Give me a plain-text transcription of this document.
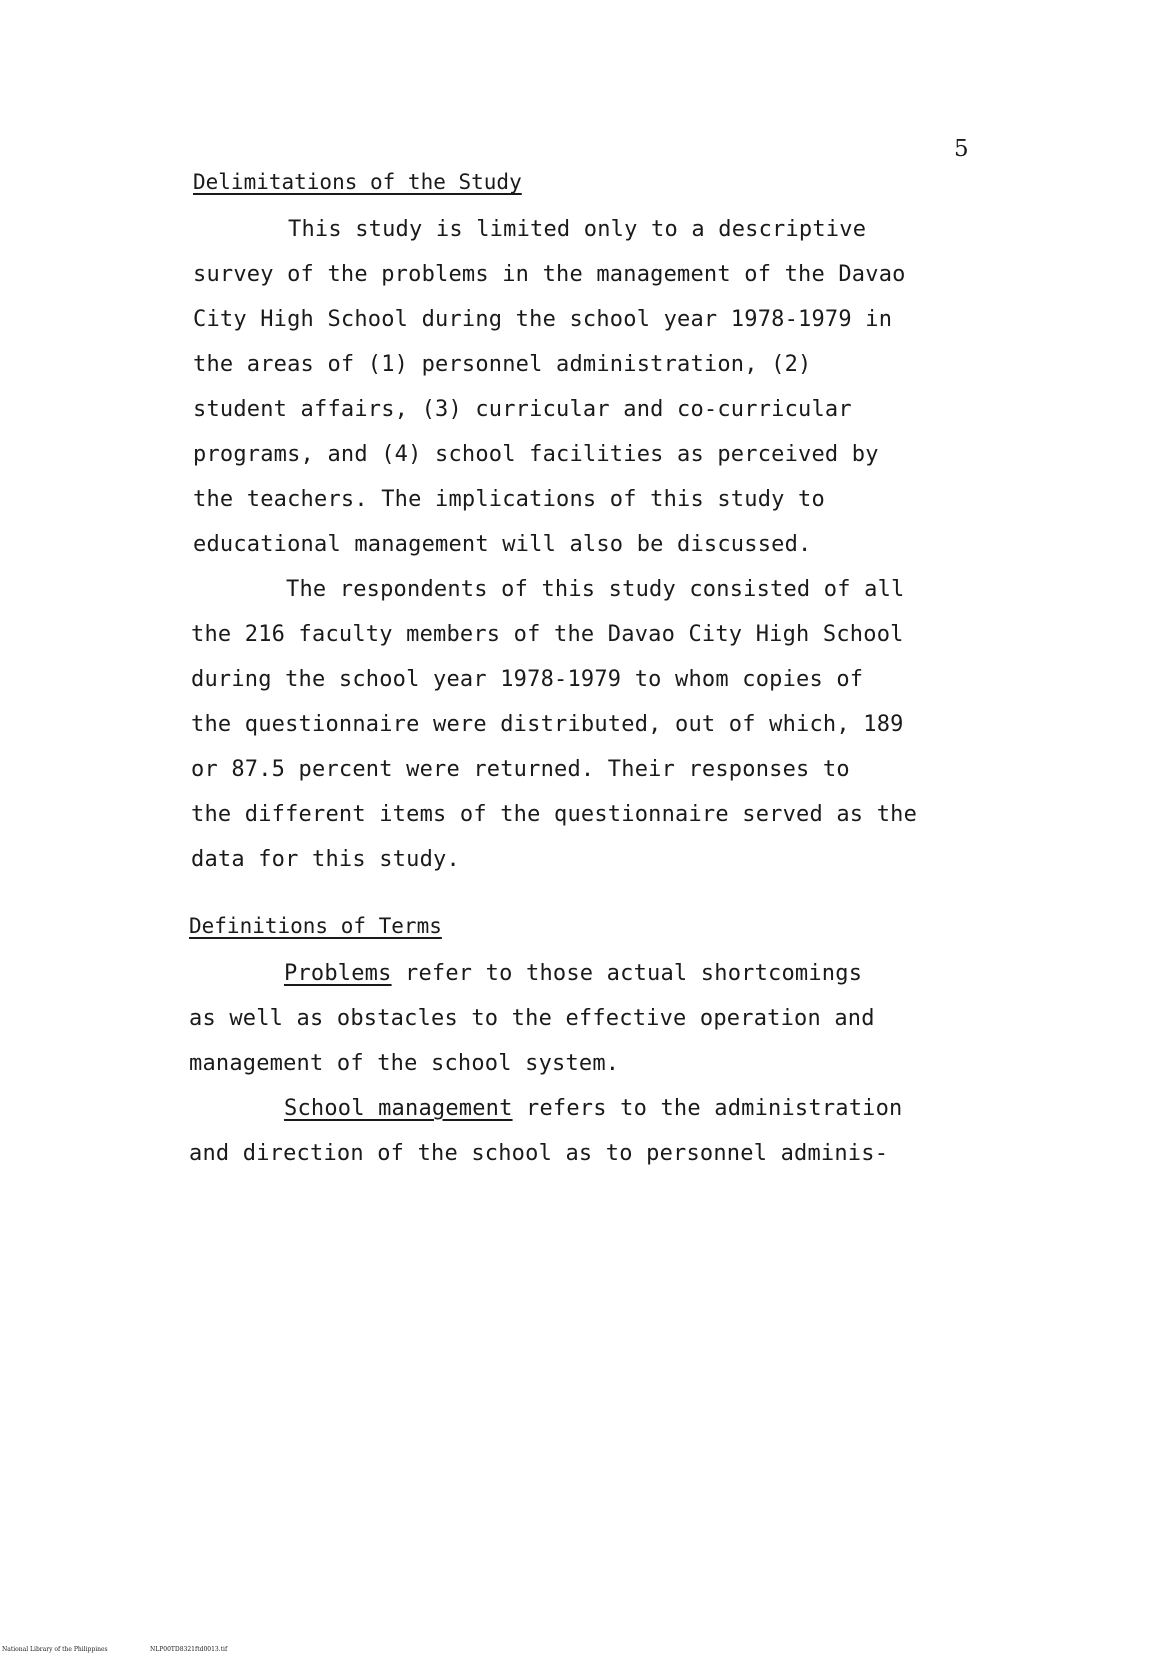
5
Delimitations of the Study
This study is limited only to a descriptive
survey of the problems in the management of the Davao
City High School during the school year 1978-1979 in
the areas of (1) personnel administration, (2)
student affairs, (3) curricular and co-curricular
programs, and (4) school facilities as perceived by
the teachers. The implications of this study to
educational management will also be discussed.
The respondents of this study consisted of all
the 216 faculty members of the Davao City High School
during the school year 1978-1979 to whom copies of
the questionnaire were distributed, out of which, 189
or 87.5 percent were returned. Their responses to
the different items of the questionnaire served as the
data for this study.
Definitions of Terms
Problems refer to those actual shortcomings
as well as obstacles to the effective operation and
management of the school system.
School management refers to the administration
and direction of the school as to personnel adminis-
National Library of the Philippines	NLP00TD8321ftd0013.tif
